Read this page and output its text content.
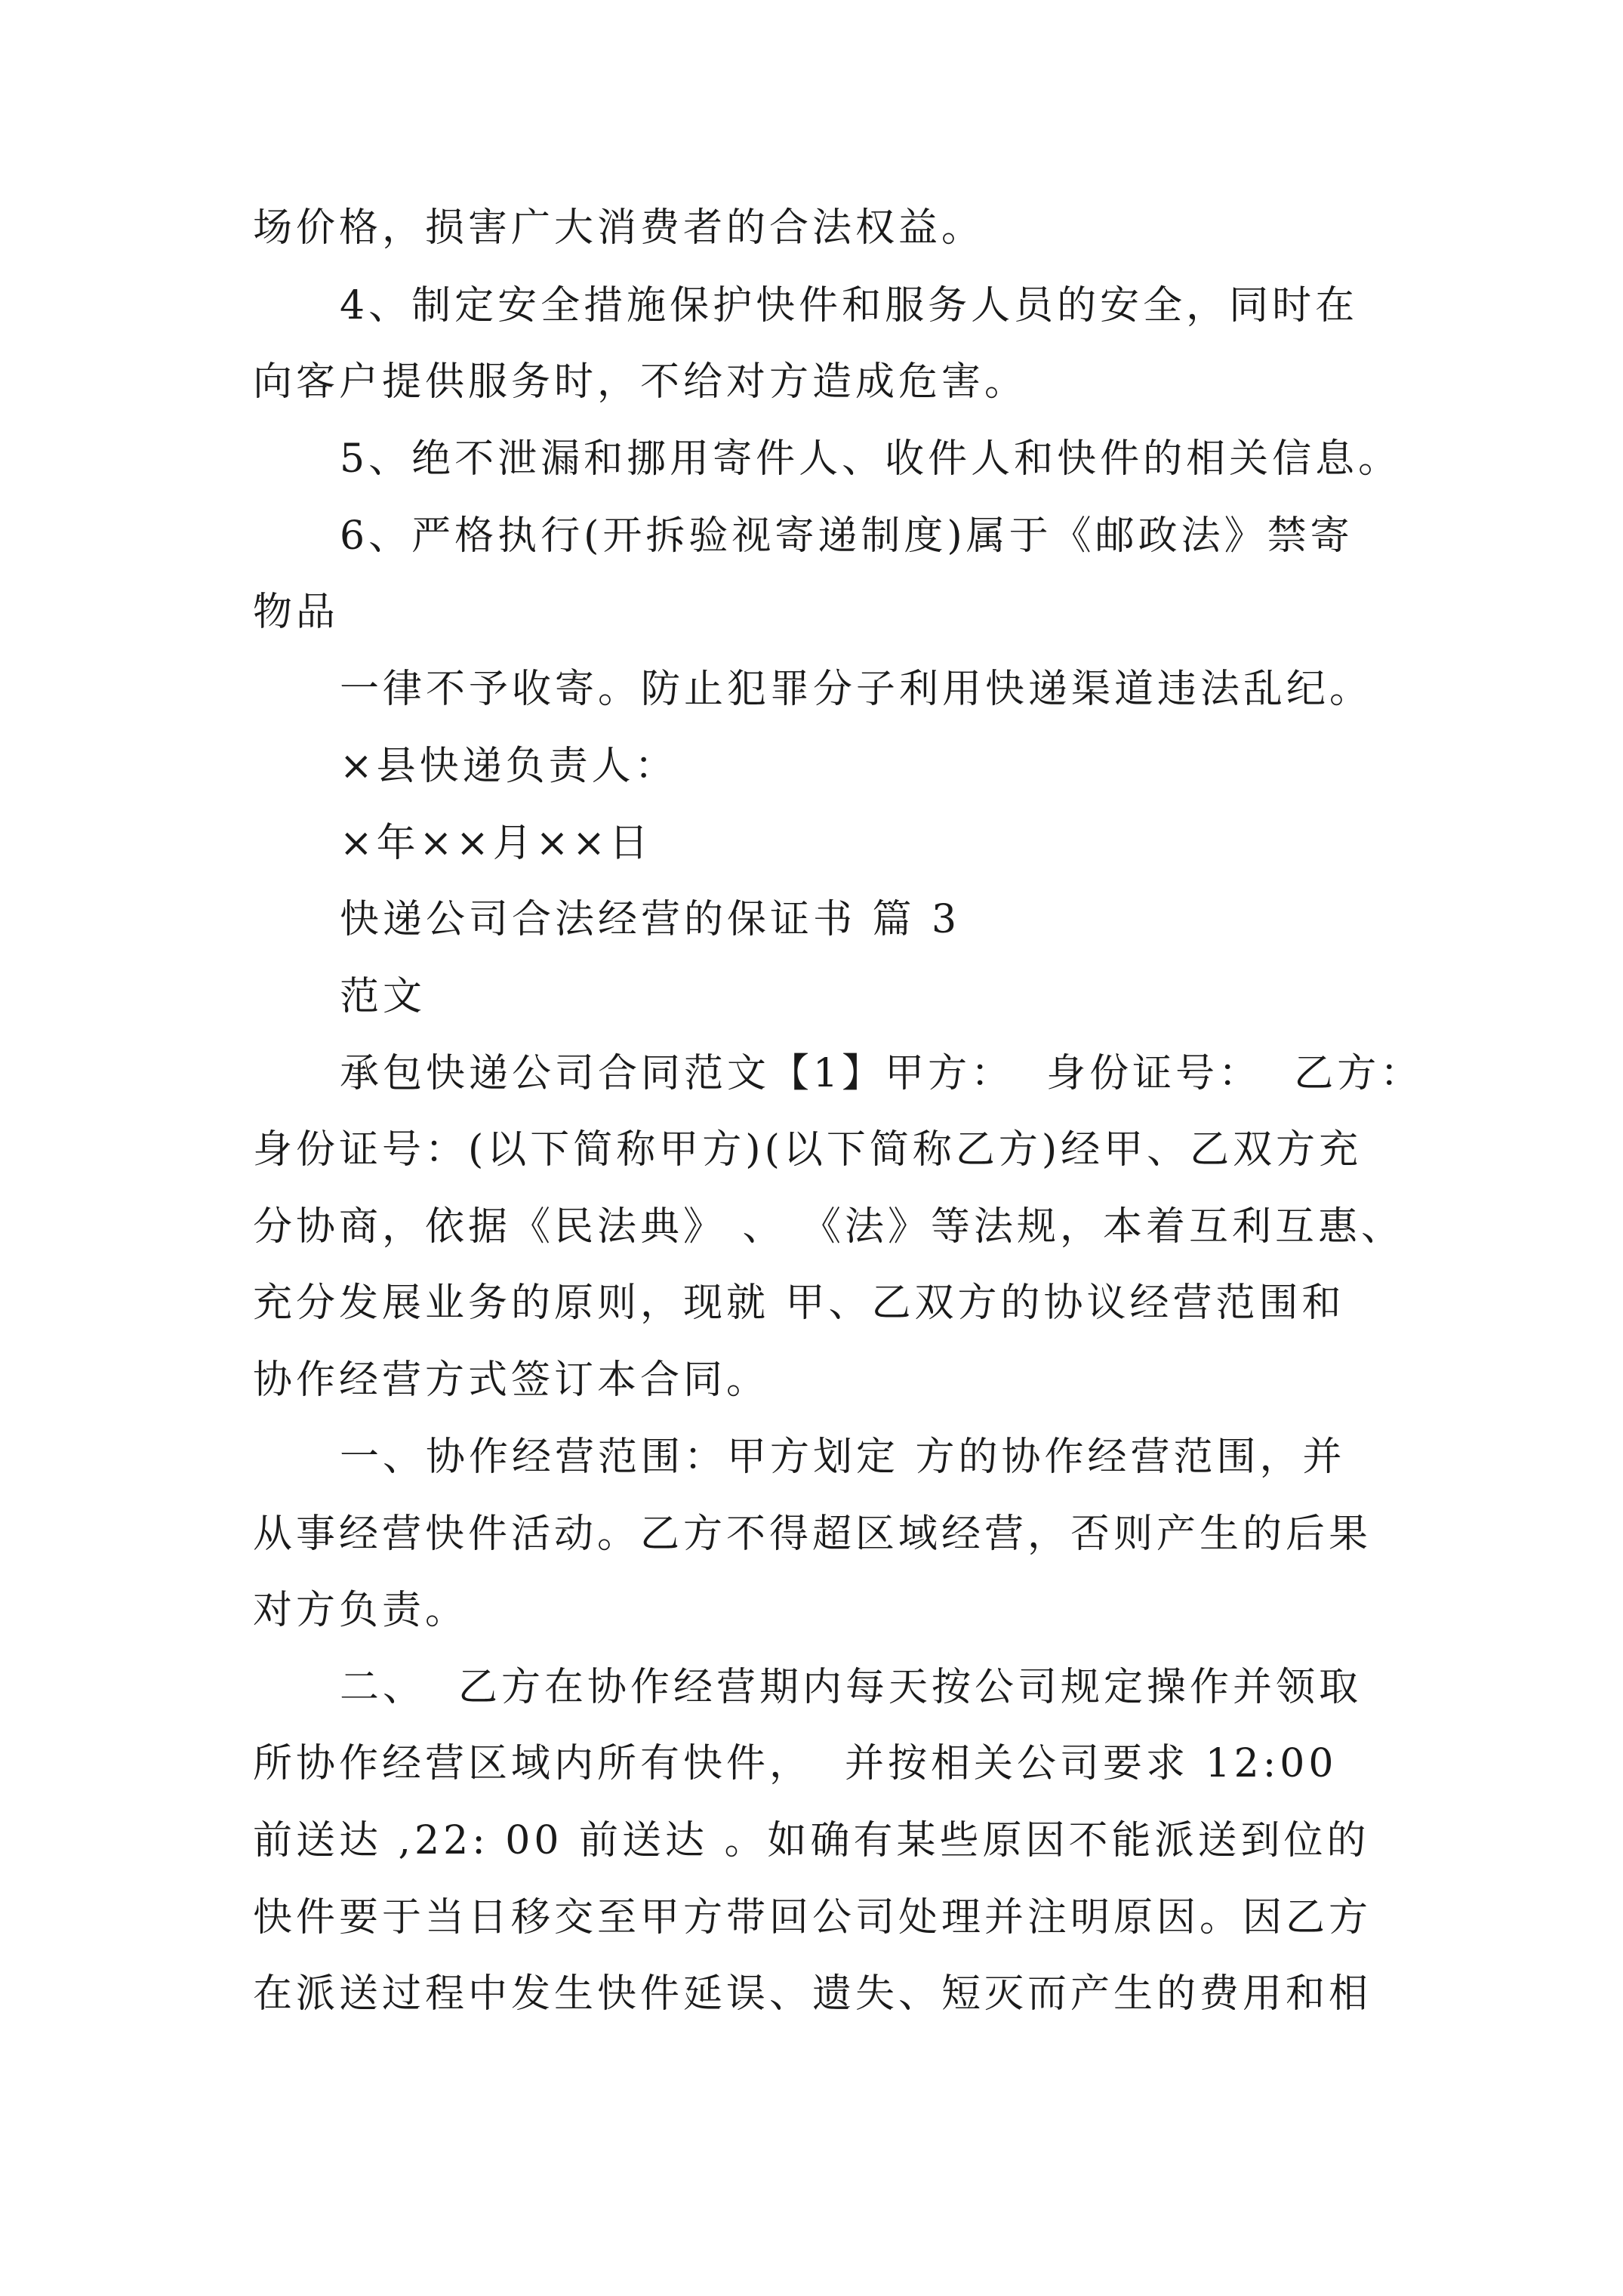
场价格，损害广大消费者的合法权益。
4、制定安全措施保护快件和服务人员的安全，同时在
向客户提供服务时，不给对方造成危害。
5、绝不泄漏和挪用寄件人、收件人和快件的相关信息。
6、严格执行(开拆验视寄递制度)属于《邮政法》禁寄
物品
一律不予收寄。防止犯罪分子利用快递渠道违法乱纪。
×县快递负责人：
×年××月××日
快递公司合法经营的保证书 篇 3
范文
承包快递公司合同范文【1】甲方：  身份证号：  乙方：
身份证号：(以下简称甲方)(以下简称乙方)经甲、乙双方充
分协商，依据《民法典》 、 《法》等法规，本着互利互惠、
充分发展业务的原则，现就 甲、乙双方的协议经营范围和
协作经营方式签订本合同。
一、协作经营范围：甲方划定 方的协作经营范围，并
从事经营快件活动。乙方不得超区域经营，否则产生的后果
对方负责。
二、  乙方在协作经营期内每天按公司规定操作并领取
所协作经营区域内所有快件，  并按相关公司要求 12:00
前送达 ,22: 00 前送达 。如确有某些原因不能派送到位的
快件要于当日移交至甲方带回公司处理并注明原因。因乙方
在派送过程中发生快件延误、遗失、短灭而产生的费用和相
